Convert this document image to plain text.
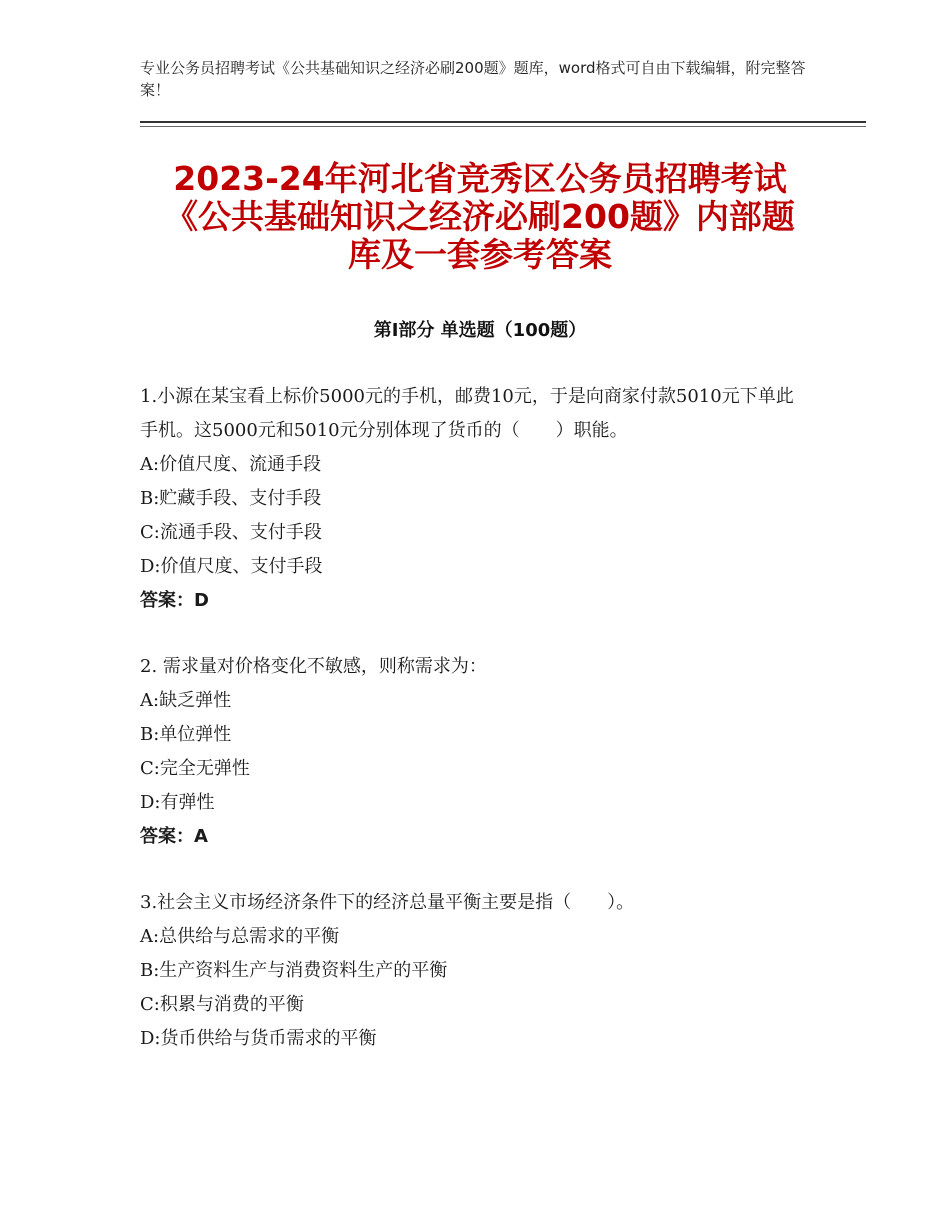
专业公务员招聘考试《公共基础知识之经济必刷200题》题库，word格式可自由下载编辑，附完整答案！
2023-24年河北省竞秀区公务员招聘考试
《公共基础知识之经济必刷200题》内部题
库及一套参考答案
第Ⅰ部分 单选题（100题）

1.小源在某宝看上标价5000元的手机，邮费10元，于是向商家付款5010元下单此手机。这5000元和5010元分别体现了货币的（　　）职能。

A:价值尺度、流通手段

B:贮藏手段、支付手段

C:流通手段、支付手段

D:价值尺度、支付手段

答案：D

2. 需求量对价格变化不敏感，则称需求为：

A:缺乏弹性

B:单位弹性

C:完全无弹性

D:有弹性

答案：A

3.社会主义市场经济条件下的经济总量平衡主要是指（　　）。

A:总供给与总需求的平衡

B:生产资料生产与消费资料生产的平衡

C:积累与消费的平衡

D:货币供给与货币需求的平衡
